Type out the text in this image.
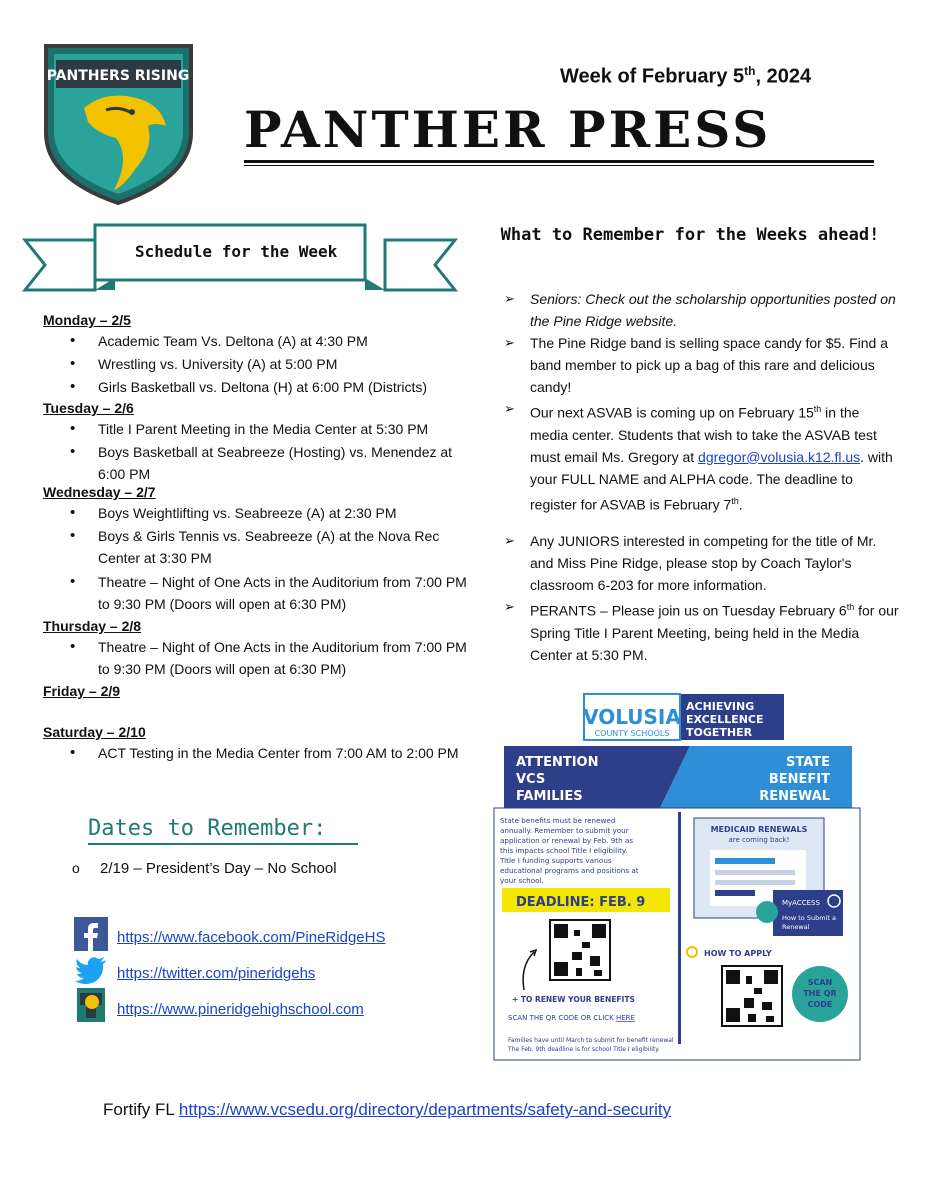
PANTHERS RISING	Week of February 5th, 2024
PANTHER PRESS
Schedule for the Week
Monday – 2/5
• Academic Team Vs. Deltona (A) at 4:30 PM
• Wrestling vs. University (A) at 5:00 PM
• Girls Basketball vs. Deltona (H) at 6:00 PM (Districts)
Tuesday – 2/6
• Title I Parent Meeting in the Media Center at 5:30 PM
• Boys Basketball at Seabreeze (Hosting) vs. Menendez at 6:00 PM
Wednesday – 2/7
• Boys Weightlifting vs. Seabreeze (A) at 2:30 PM
• Boys & Girls Tennis vs. Seabreeze (A) at the Nova Rec Center at 3:30 PM
• Theatre – Night of One Acts in the Auditorium from 7:00 PM to 9:30 PM (Doors will open at 6:30 PM)
Thursday – 2/8
• Theatre – Night of One Acts in the Auditorium from 7:00 PM to 9:30 PM (Doors will open at 6:30 PM)
Friday – 2/9
Saturday – 2/10
• ACT Testing in the Media Center from 7:00 AM to 2:00 PM
Dates to Remember:
o 2/19 – President’s Day – No School
https://www.facebook.com/PineRidgeHS
https://twitter.com/pineridgehs
https://www.pineridgehighschool.com
What to Remember for the Weeks ahead!
➢ Seniors: Check out the scholarship opportunities posted on the Pine Ridge website.
➢ The Pine Ridge band is selling space candy for $5. Find a band member to pick up a bag of this rare and delicious candy!
➢ Our next ASVAB is coming up on February 15th in the media center. Students that wish to take the ASVAB test must email Ms. Gregory at dgregor@volusia.k12.fl.us. with your FULL NAME and ALPHA code. The deadline to register for ASVAB is February 7th.
➢ Any JUNIORS interested in competing for the title of Mr. and Miss Pine Ridge, please stop by Coach Taylor's classroom 6-203 for more information.
➢ PERANTS – Please join us on Tuesday February 6th for our Spring Title I Parent Meeting, being held in the Media Center at 5:30 PM.
VOLUSIA
COUNTY SCHOOLS
ACHIEVING
EXCELLENCE
TOGETHER
ATTENTION
VCS
FAMILIES
STATE
BENEFIT
RENEWAL
State benefits must be renewed
annually. Remember to submit your
application or renewal by Feb. 9th as
this impacts school Title I eligibility.
Title I funding supports various
educational programs and positions at
your school.
MEDICAID RENEWALS
are coming back!
MyACCESS
How to Submit a
Renewal
DEADLINE: FEB. 9
+ TO RENEW YOUR BENEFITS
SCAN THE QR CODE OR CLICK HERE
Families have until March to submit for benefit renewal
The Feb. 9th deadline is for school Title I eligibility.
HOW TO APPLY
SCAN
THE QR
CODE
Fortify FL https://www.vcsedu.org/directory/departments/safety-and-security
